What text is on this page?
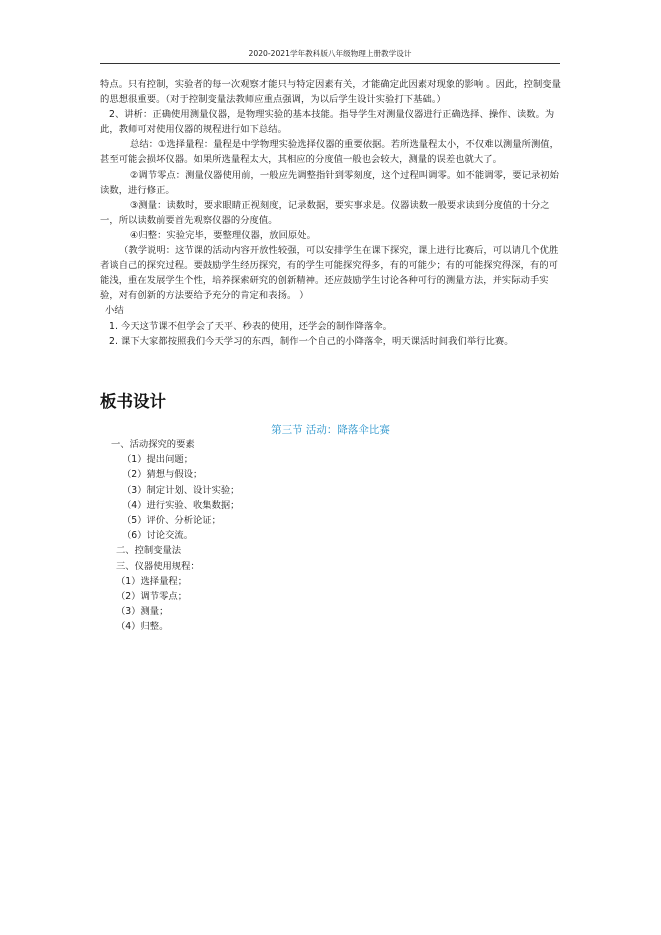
2020-2021学年教科版八年级物理上册教学设计

特点。只有控制，实验者的每一次观察才能只与特定因素有关，才能确定此因素对现象的影响 。因此，控制变量的思想很重要。（对于控制变量法教师应重点强调，为以后学生设计实验打下基础。）

2、讲析：正确使用测量仪器，是物理实验的基本技能。指导学生对测量仪器进行正确选择、操作、读数。为此，教师可对使用仪器的规程进行如下总结。

总结：①选择量程：量程是中学物理实验选择仪器的重要依据。若所选量程太小，不仅难以测量所测值，甚至可能会损坏仪器。如果所选量程太大，其相应的分度值一般也会较大，测量的误差也就大了。

②调节零点：测量仪器使用前，一般应先调整指针到零刻度，这个过程叫调零。如不能调零，要记录初始读数，进行修正。

③测量：读数时，要求眼睛正视刻度，记录数据，要实事求是。仪器读数一般要求读到分度值的十分之一，所以读数前要首先观察仪器的分度值。

④归整：实验完毕，要整理仪器，放回原处。

（教学说明：这节课的活动内容开放性较强，可以安排学生在课下探究，课上进行比赛后，可以请几个优胜者谈自己的探究过程。要鼓励学生经历探究，有的学生可能探究得多，有的可能少；有的可能探究得深，有的可能浅，重在发展学生个性，培养探索研究的创新精神。还应鼓励学生讨论各种可行的测量方法，并实际动手实验，对有创新的方法要给予充分的肯定和表扬。 ）

小结

1. 今天这节课不但学会了天平、秒表的使用，还学会的制作降落伞。

2. 课下大家都按照我们今天学习的东西，制作一个自己的小降落伞，明天课活时间我们举行比赛。

板书设计
第三节 活动：降落伞比赛

一、活动探究的要素

（1）提出问题；

（2）猜想与假设；

（3）制定计划、设计实验；

（4）进行实验、收集数据；

（5）评价、分析论证；

（6）讨论交流。

二、控制变量法

三、仪器使用规程：

（1）选择量程；

（2）调节零点；

（3）测量；

（4）归整。
